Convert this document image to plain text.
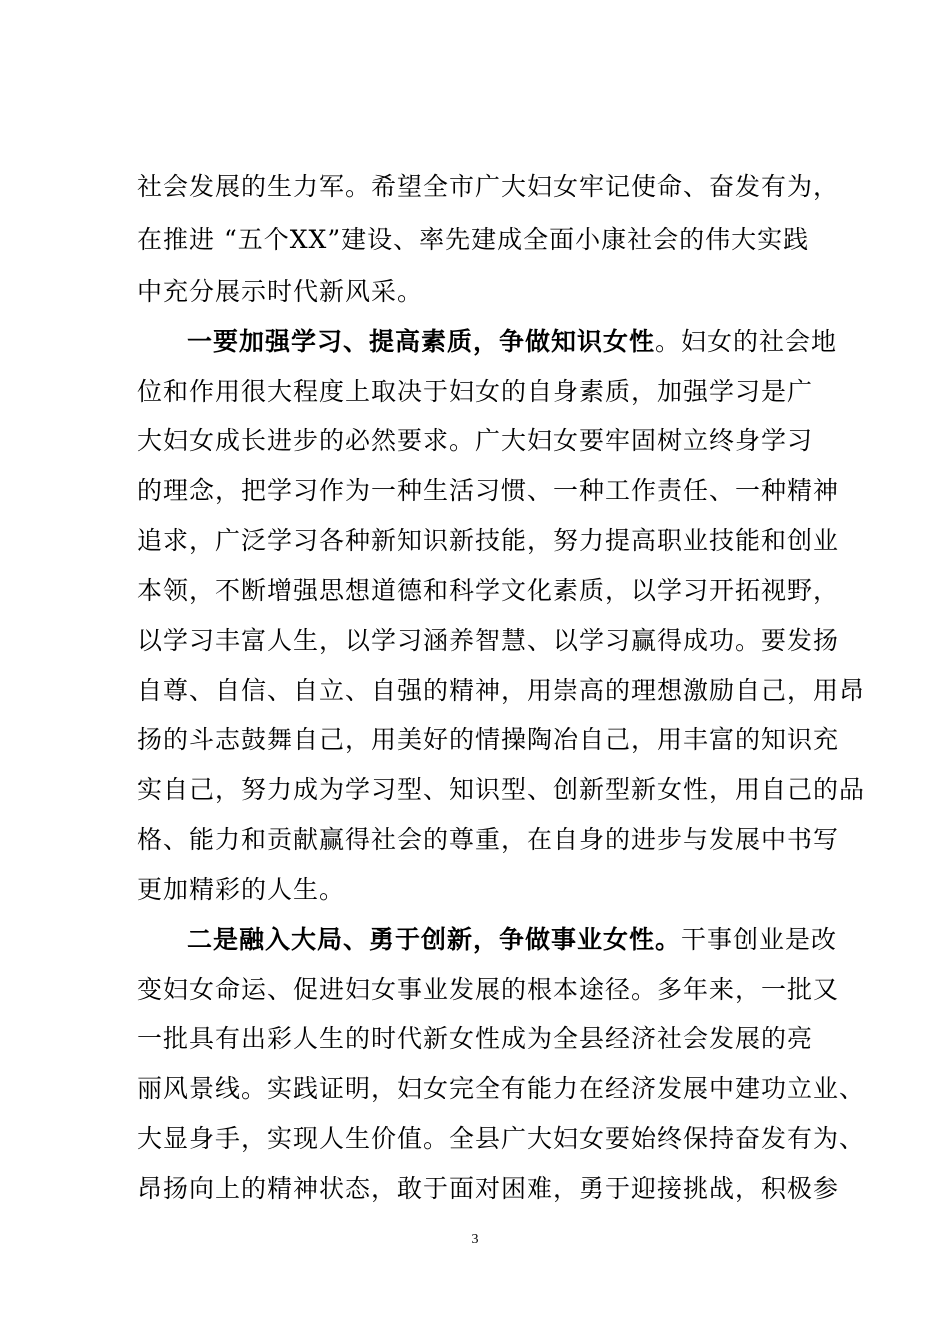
社会发展的生力军。希望全市广大妇女牢记使命、奋发有为，
在推进 “五个XX”建设、率先建成全面小康社会的伟大实践
中充分展示时代新风采。
一要加强学习、提高素质，争做知识女性。妇女的社会地
位和作用很大程度上取决于妇女的自身素质，加强学习是广
大妇女成长进步的必然要求。广大妇女要牢固树立终身学习
的理念，把学习作为一种生活习惯、一种工作责任、一种精神
追求，广泛学习各种新知识新技能，努力提高职业技能和创业
本领，不断增强思想道德和科学文化素质，以学习开拓视野，
以学习丰富人生，以学习涵养智慧、以学习赢得成功。要发扬
自尊、自信、自立、自强的精神，用崇高的理想激励自己，用昂
扬的斗志鼓舞自己，用美好的情操陶冶自己，用丰富的知识充
实自己，努力成为学习型、知识型、创新型新女性，用自己的品
格、能力和贡献赢得社会的尊重，在自身的进步与发展中书写
更加精彩的人生。
二是融入大局、勇于创新，争做事业女性。干事创业是改
变妇女命运、促进妇女事业发展的根本途径。多年来，一批又
一批具有出彩人生的时代新女性成为全县经济社会发展的亮
丽风景线。实践证明，妇女完全有能力在经济发展中建功立业、
大显身手，实现人生价值。全县广大妇女要始终保持奋发有为、
昂扬向上的精神状态，敢于面对困难，勇于迎接挑战，积极参
3
